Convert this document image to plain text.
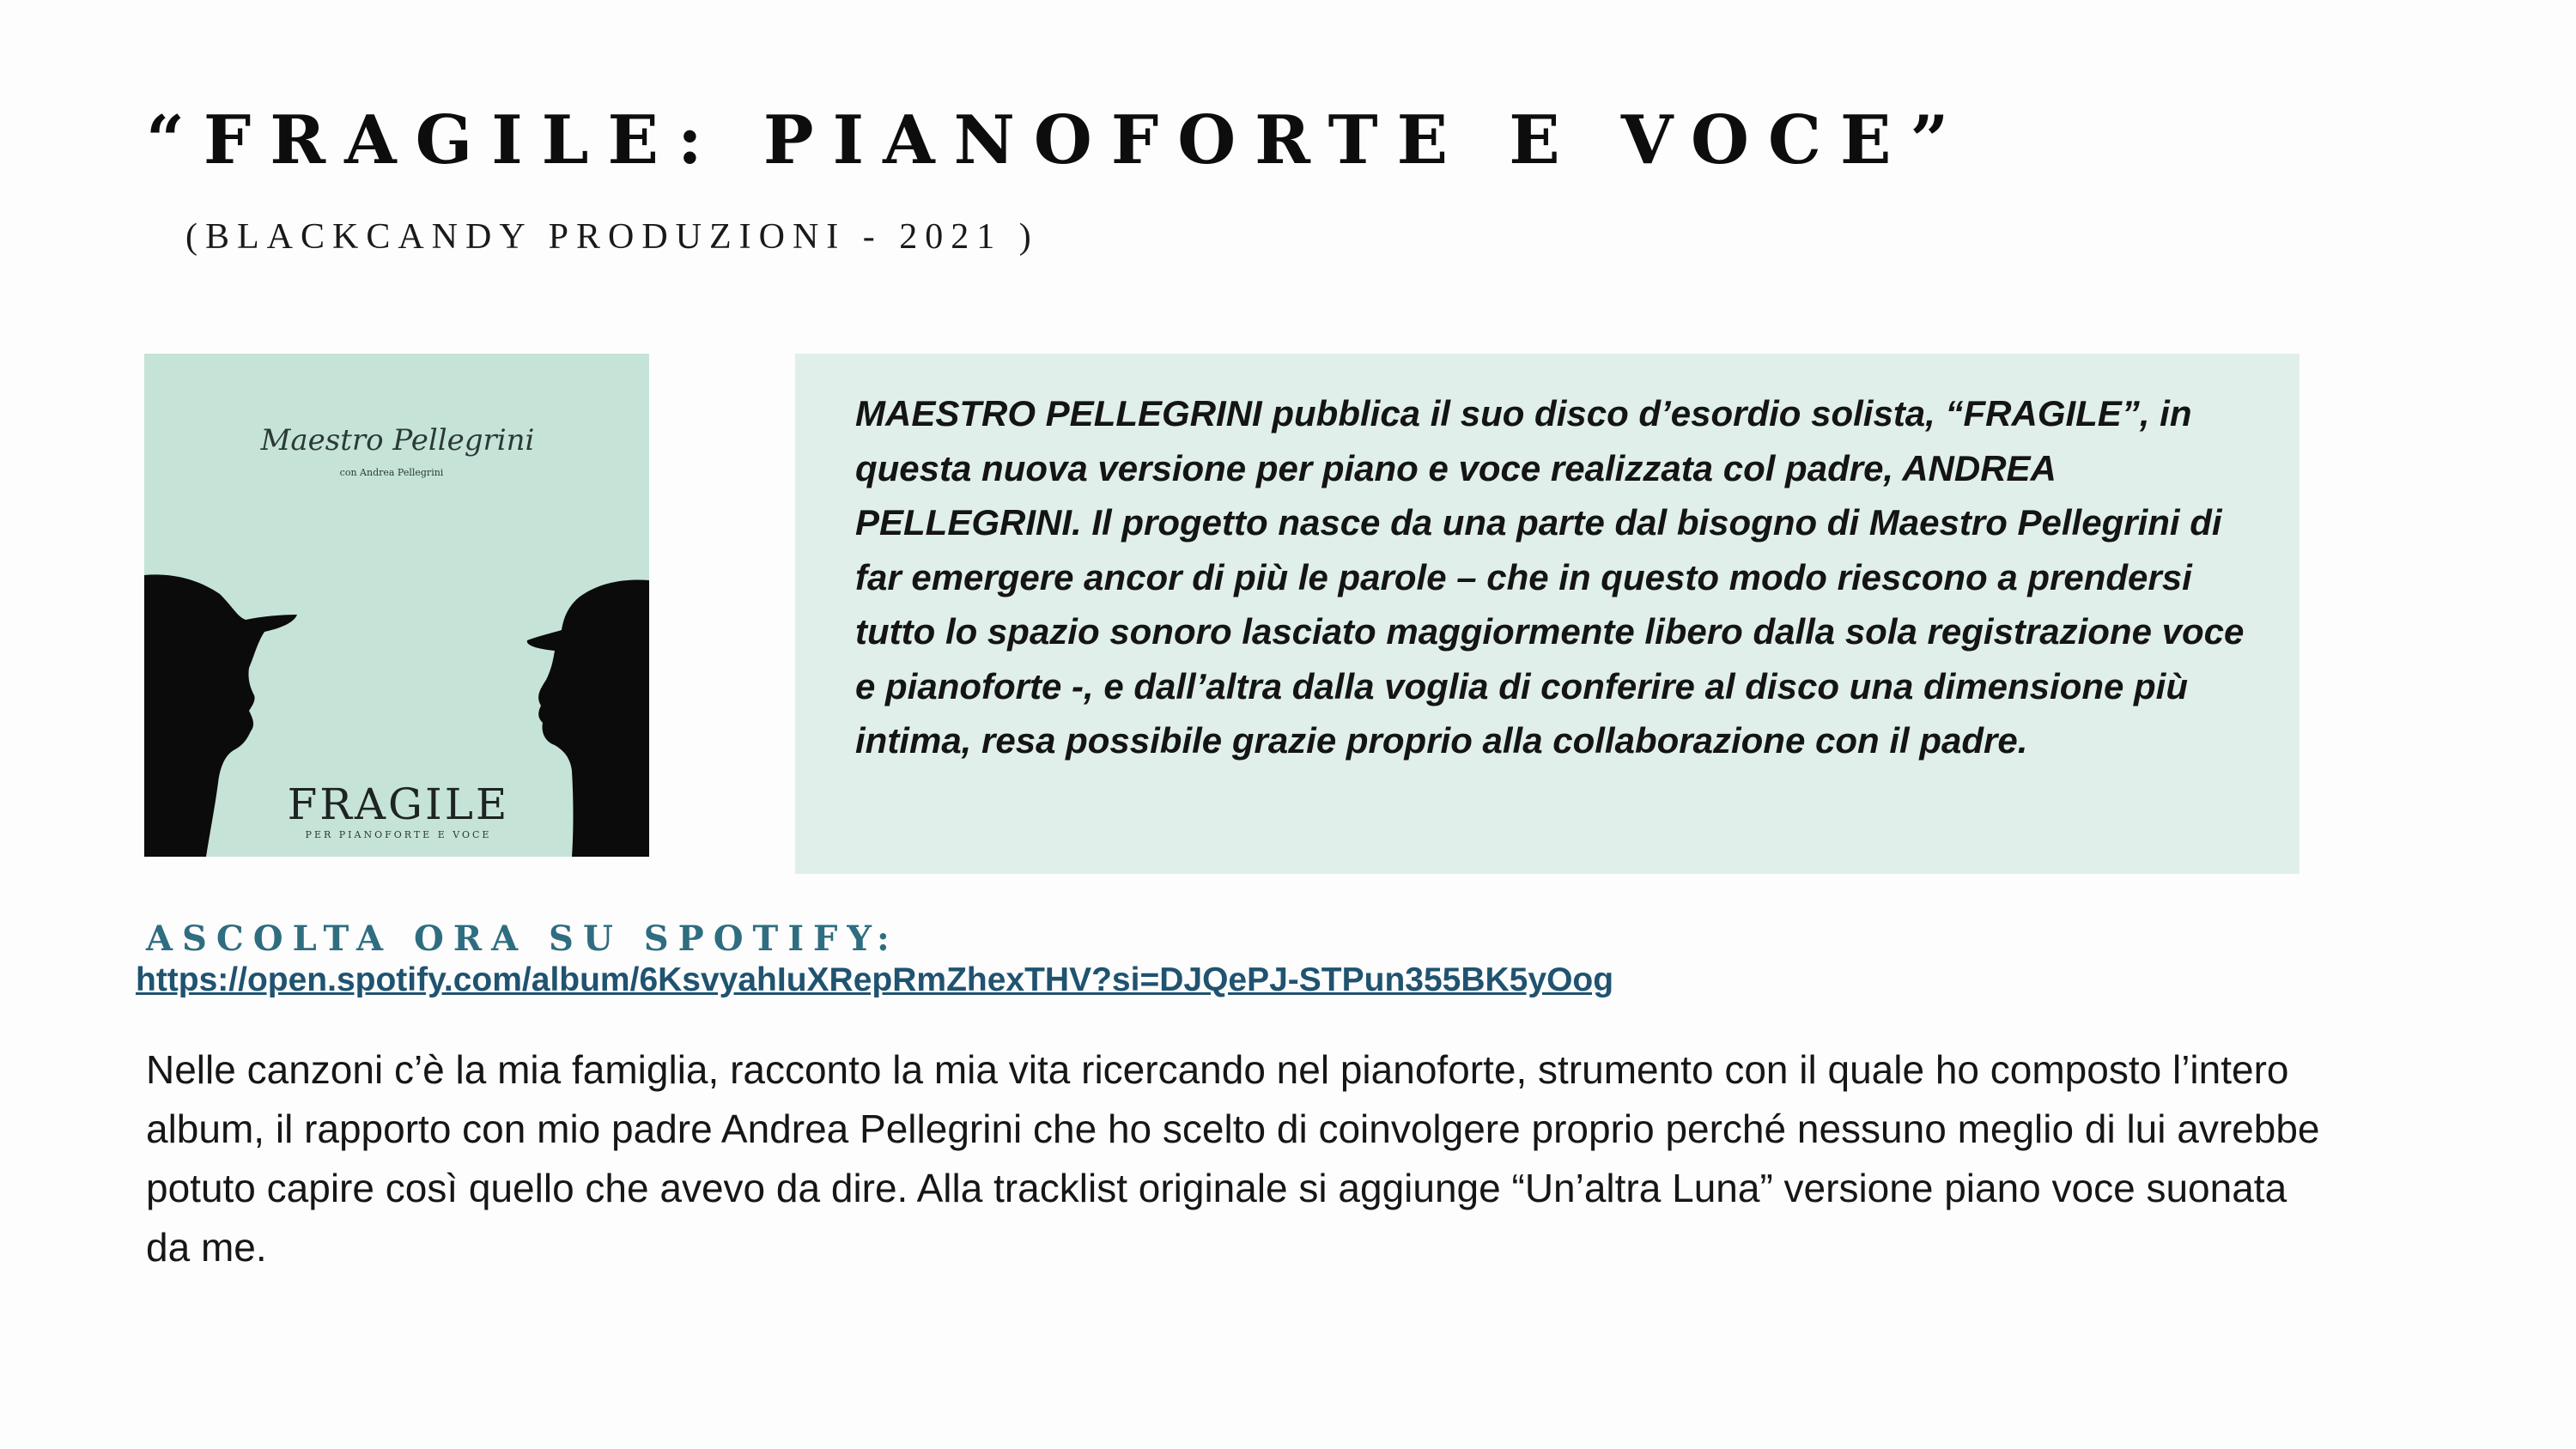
“FRAGILE: PIANOFORTE E VOCE”
(BLACKCANDY PRODUZIONI - 2021 )
Maestro Pellegrini
con Andrea Pellegrini
FRAGILE
PER PIANOFORTE E VOCE

MAESTRO PELLEGRINI pubblica il suo disco d’esordio solista, “FRAGILE”, in questa nuova versione per piano e voce realizzata col padre, ANDREA PELLEGRINI. Il progetto nasce da una parte dal bisogno di Maestro Pellegrini di far emergere ancor di più le parole – che in questo modo riescono a prendersi tutto lo spazio sonoro lasciato maggiormente libero dalla sola registrazione voce e pianoforte -, e dall’altra dalla voglia di conferire al disco una dimensione più intima, resa possibile grazie proprio alla collaborazione con il padre.

ASCOLTA ORA SU SPOTIFY:
https://open.spotify.com/album/6KsvyahIuXRepRmZhexTHV?si=DJQePJ-STPun355BK5yOog

Nelle canzoni c’è la mia famiglia, racconto la mia vita ricercando nel pianoforte, strumento con il quale ho composto l’intero album, il rapporto con mio padre Andrea Pellegrini che ho scelto di coinvolgere proprio perché nessuno meglio di lui avrebbe potuto capire così quello che avevo da dire. Alla tracklist originale si aggiunge “Un’altra Luna” versione piano voce suonata da me.
